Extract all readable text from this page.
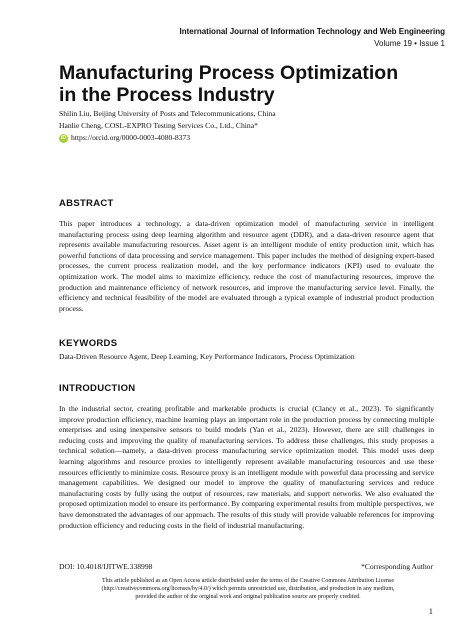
International Journal of Information Technology and Web Engineering
Volume 19 • Issue 1
Manufacturing Process Optimization
in the Process Industry
Shilin Liu, Beijing University of Posts and Telecommunications, China
Hanlie Cheng, COSL-EXPRO Testing Services Co., Ltd., China*
iD https://orcid.org/0000-0003-4080-8373
ABSTRACT

This paper introduces a technology, a data-driven optimization model of manufacturing service in intelligent manufacturing process using deep learning algorithm and resource agent (DDR), and a data-driven resource agent that represents available manufacturing resources. Asset agent is an intelligent module of entity production unit, which has powerful functions of data processing and service management. This paper includes the method of designing expert-based processes, the current process realization model, and the key performance indicators (KPI) used to evaluate the optimization work. The model aims to maximize efficiency, reduce the cost of manufacturing resources, improve the production and maintenance efficiency of network resources, and improve the manufacturing service level. Finally, the efficiency and technical feasibility of the model are evaluated through a typical example of industrial product production process.

KEYWORDS

Data-Driven Resource Agent, Deep Learning, Key Performance Indicators, Process Optimization

INTRODUCTION

In the industrial sector, creating profitable and marketable products is crucial (Clancy et al., 2023). To significantly improve production efficiency, machine learning plays an important role in the production process by connecting multiple enterprises and using inexpensive sensors to build models (Yan et al., 2023). However, there are still challenges in reducing costs and improving the quality of manufacturing services. To address these challenges, this study proposes a technical solution—namely, a data-driven process manufacturing service optimization model. This model uses deep learning algorithms and resource proxies to intelligently represent available manufacturing resources and use these resources efficiently to minimize costs. Resource proxy is an intelligent module with powerful data processing and service management capabilities. We designed our model to improve the quality of manufacturing services and reduce manufacturing costs by fully using the output of resources, raw materials, and support networks. We also evaluated the proposed optimization model to ensure its performance. By comparing experimental results from multiple perspectives, we have demonstrated the advantages of our approach. The results of this study will provide valuable references for improving production efficiency and reducing costs in the field of industrial manufacturing.

DOI: 10.4018/IJITWE.338998	*Corresponding Author

This article published as an Open Access article distributed under the terms of the Creative Commons Attribution License (http://creativecommons.org/licenses/by/4.0/) which permits unrestricted use, distribution, and production in any medium, provided the author of the original work and original publication source are properly credited.

1
